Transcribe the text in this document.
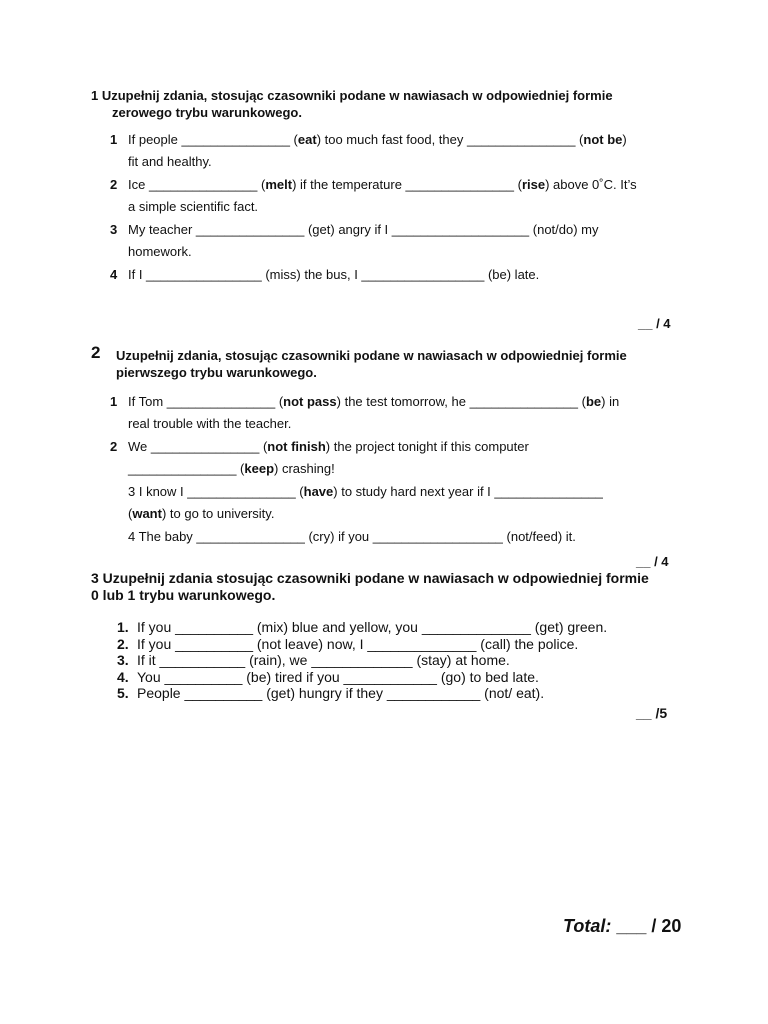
1 Uzupełnij zdania, stosując czasowniki podane w nawiasach w odpowiedniej formie
zerowego trybu warunkowego.
1 If people _______________ (eat) too much fast food, they _______________ (not be)
fit and healthy.
2 Ice _______________ (melt) if the temperature _______________ (rise) above 0˚C. It’s
a simple scientific fact.
3 My teacher _______________ (get) angry if I ___________________ (not/do) my
homework.
4 If I ________________ (miss) the bus, I _________________ (be) late.
__ / 4
2 Uzupełnij zdania, stosując czasowniki podane w nawiasach w odpowiedniej formie
pierwszego trybu warunkowego.
1 If Tom _______________ (not pass) the test tomorrow, he _______________ (be) in
real trouble with the teacher.
2 We _______________ (not finish) the project tonight if this computer
_______________ (keep) crashing!
3 I know I _______________ (have) to study hard next year if I _______________
(want) to go to university.
4 The baby _______________ (cry) if you __________________ (not/feed) it.
__ / 4
3 Uzupełnij zdania stosując czasowniki podane w nawiasach w odpowiedniej formie
0 lub 1 trybu warunkowego.
1. If you __________ (mix) blue and yellow, you ______________ (get) green.
2. If you __________ (not leave) now, I ______________ (call) the police.
3. If it ___________ (rain), we _____________ (stay) at home.
4. You __________ (be) tired if you ____________ (go) to bed late.
5. People __________ (get) hungry if they ____________ (not/ eat).
__ /5
Total: ___ / 20
